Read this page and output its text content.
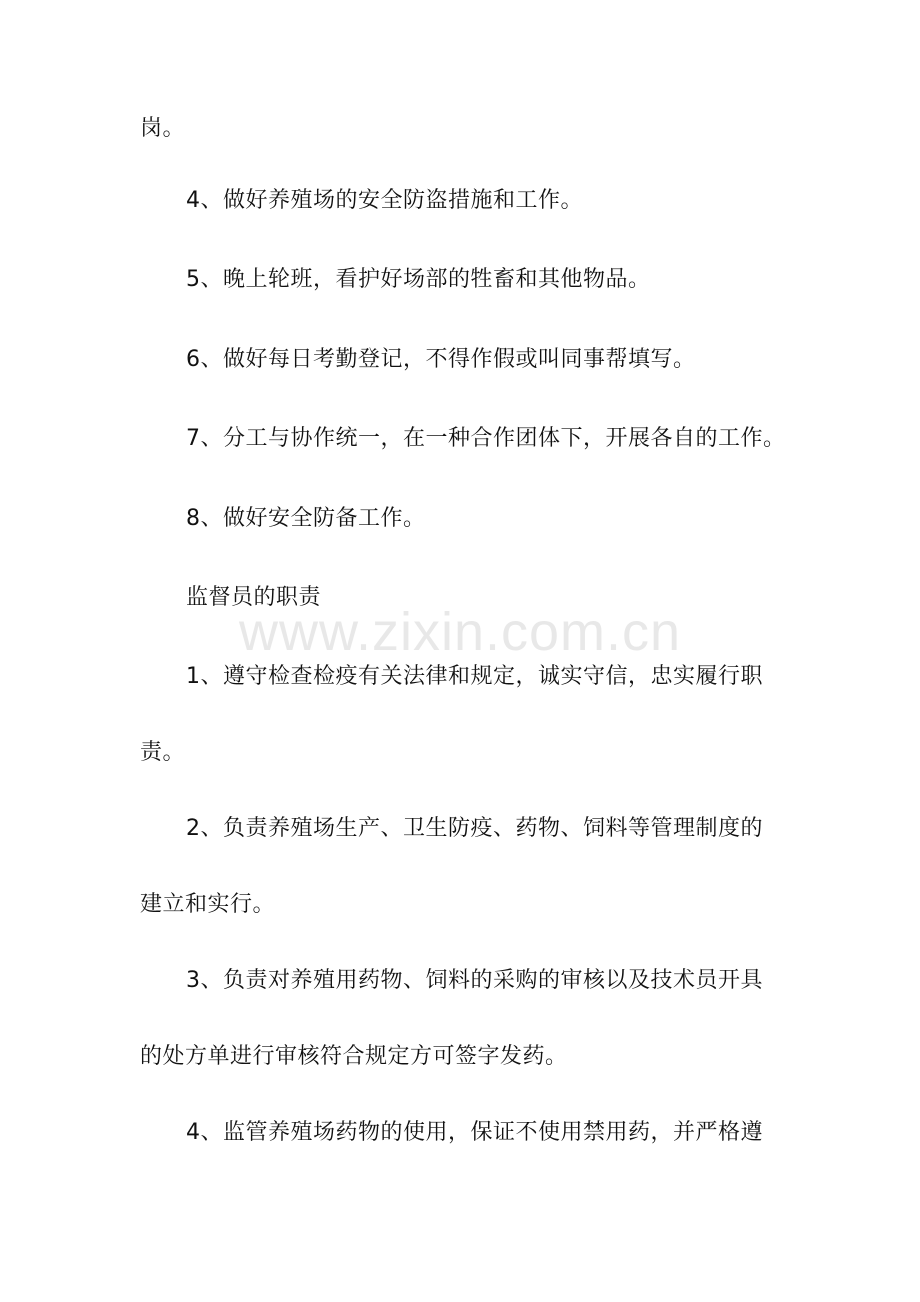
岗。
4、做好养殖场的安全防盗措施和工作。
5、晚上轮班，看护好场部的牲畜和其他物品。
6、做好每日考勤登记，不得作假或叫同事帮填写。
7、分工与协作统一，在一种合作团体下，开展各自的工作。
8、做好安全防备工作。
监督员的职责
1、遵守检查检疫有关法律和规定，诚实守信，忠实履行职
责。
2、负责养殖场生产、卫生防疫、药物、饲料等管理制度的
建立和实行。
3、负责对养殖用药物、饲料的采购的审核以及技术员开具
的处方单进行审核符合规定方可签字发药。
4、监管养殖场药物的使用，保证不使用禁用药，并严格遵
www.zixin.com.cn
